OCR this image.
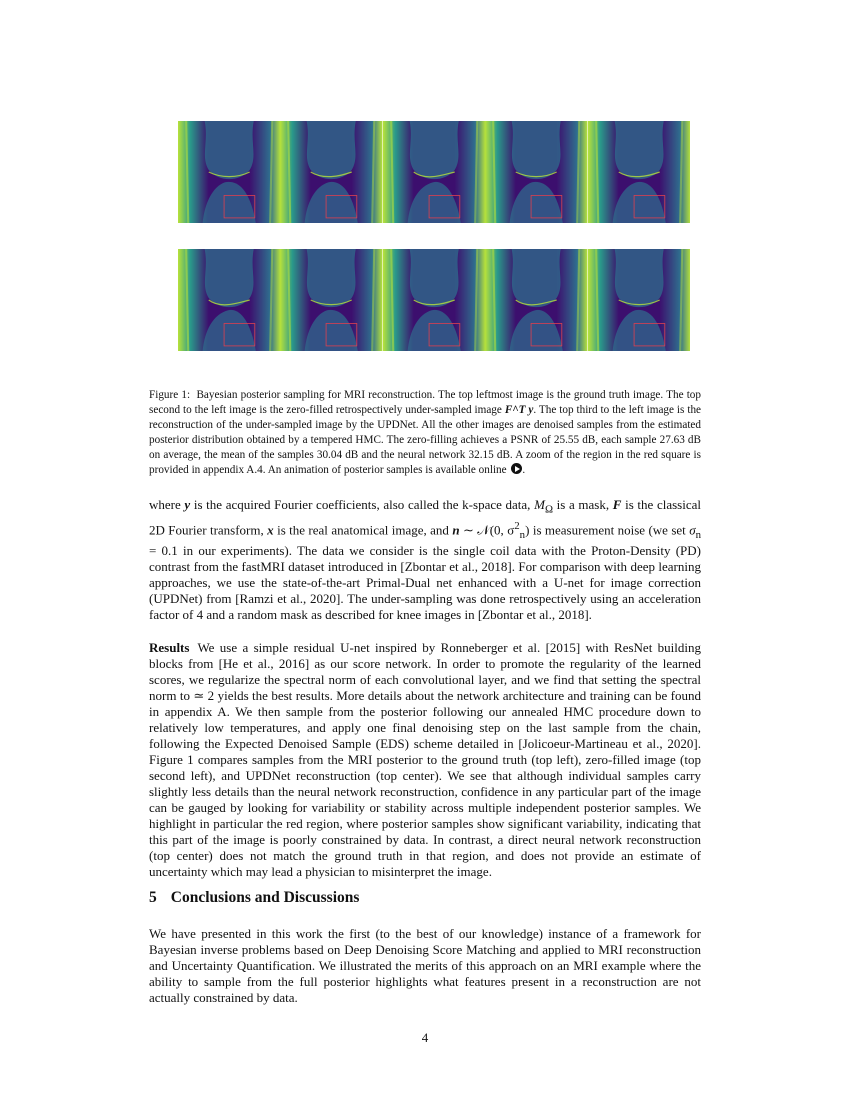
Figure 1: Bayesian posterior sampling for MRI reconstruction. The top leftmost image is the ground truth image. The top second to the left image is the zero-filled retrospectively under-sampled image F^T y. The top third to the left image is the reconstruction of the under-sampled image by the UPDNet. All the other images are denoised samples from the estimated posterior distribution obtained by a tempered HMC. The zero-filling achieves a PSNR of 25.55 dB, each sample 27.63 dB on average, the mean of the samples 30.04 dB and the neural network 32.15 dB. A zoom of the region in the red square is provided in appendix A.4. An animation of posterior samples is available online .
where y is the acquired Fourier coefficients, also called the k-space data, $M_\Omega$ is a mask, F is the classical 2D Fourier transform, x is the real anatomical image, and n ∼ 𝒩(0, $\sigma^2_n$) is measurement noise (we set $\sigma_n = 0.1$ in our experiments). The data we consider is the single coil data with the Proton-Density (PD) contrast from the fastMRI dataset introduced in [Zbontar et al., 2018]. For comparison with deep learning approaches, we use the state-of-the-art Primal-Dual net enhanced with a U-net for image correction (UPDNet) from [Ramzi et al., 2020]. The under-sampling was done retrospectively using an acceleration factor of 4 and a random mask as described for knee images in [Zbontar et al., 2018].
Results We use a simple residual U-net inspired by Ronneberger et al. [2015] with ResNet building blocks from [He et al., 2016] as our score network. In order to promote the regularity of the learned scores, we regularize the spectral norm of each convolutional layer, and we find that setting the spectral norm to ≃ 2 yields the best results. More details about the network architecture and training can be found in appendix A. We then sample from the posterior following our annealed HMC procedure down to relatively low temperatures, and apply one final denoising step on the last sample from the chain, following the Expected Denoised Sample (EDS) scheme detailed in [Jolicoeur-Martineau et al., 2020]. Figure 1 compares samples from the MRI posterior to the ground truth (top left), zero-filled image (top second left), and UPDNet reconstruction (top center). We see that although individual samples carry slightly less details than the neural network reconstruction, confidence in any particular part of the image can be gauged by looking for variability or stability across multiple independent posterior samples. We highlight in particular the red region, where posterior samples show significant variability, indicating that this part of the image is poorly constrained by data. In contrast, a direct neural network reconstruction (top center) does not match the ground truth in that region, and does not provide an estimate of uncertainty which may lead a physician to misinterpret the image.
5 Conclusions and Discussions
We have presented in this work the first (to the best of our knowledge) instance of a framework for Bayesian inverse problems based on Deep Denoising Score Matching and applied to MRI reconstruction and Uncertainty Quantification. We illustrated the merits of this approach on an MRI example where the ability to sample from the full posterior highlights what features present in a reconstruction are not actually constrained by data.
4
